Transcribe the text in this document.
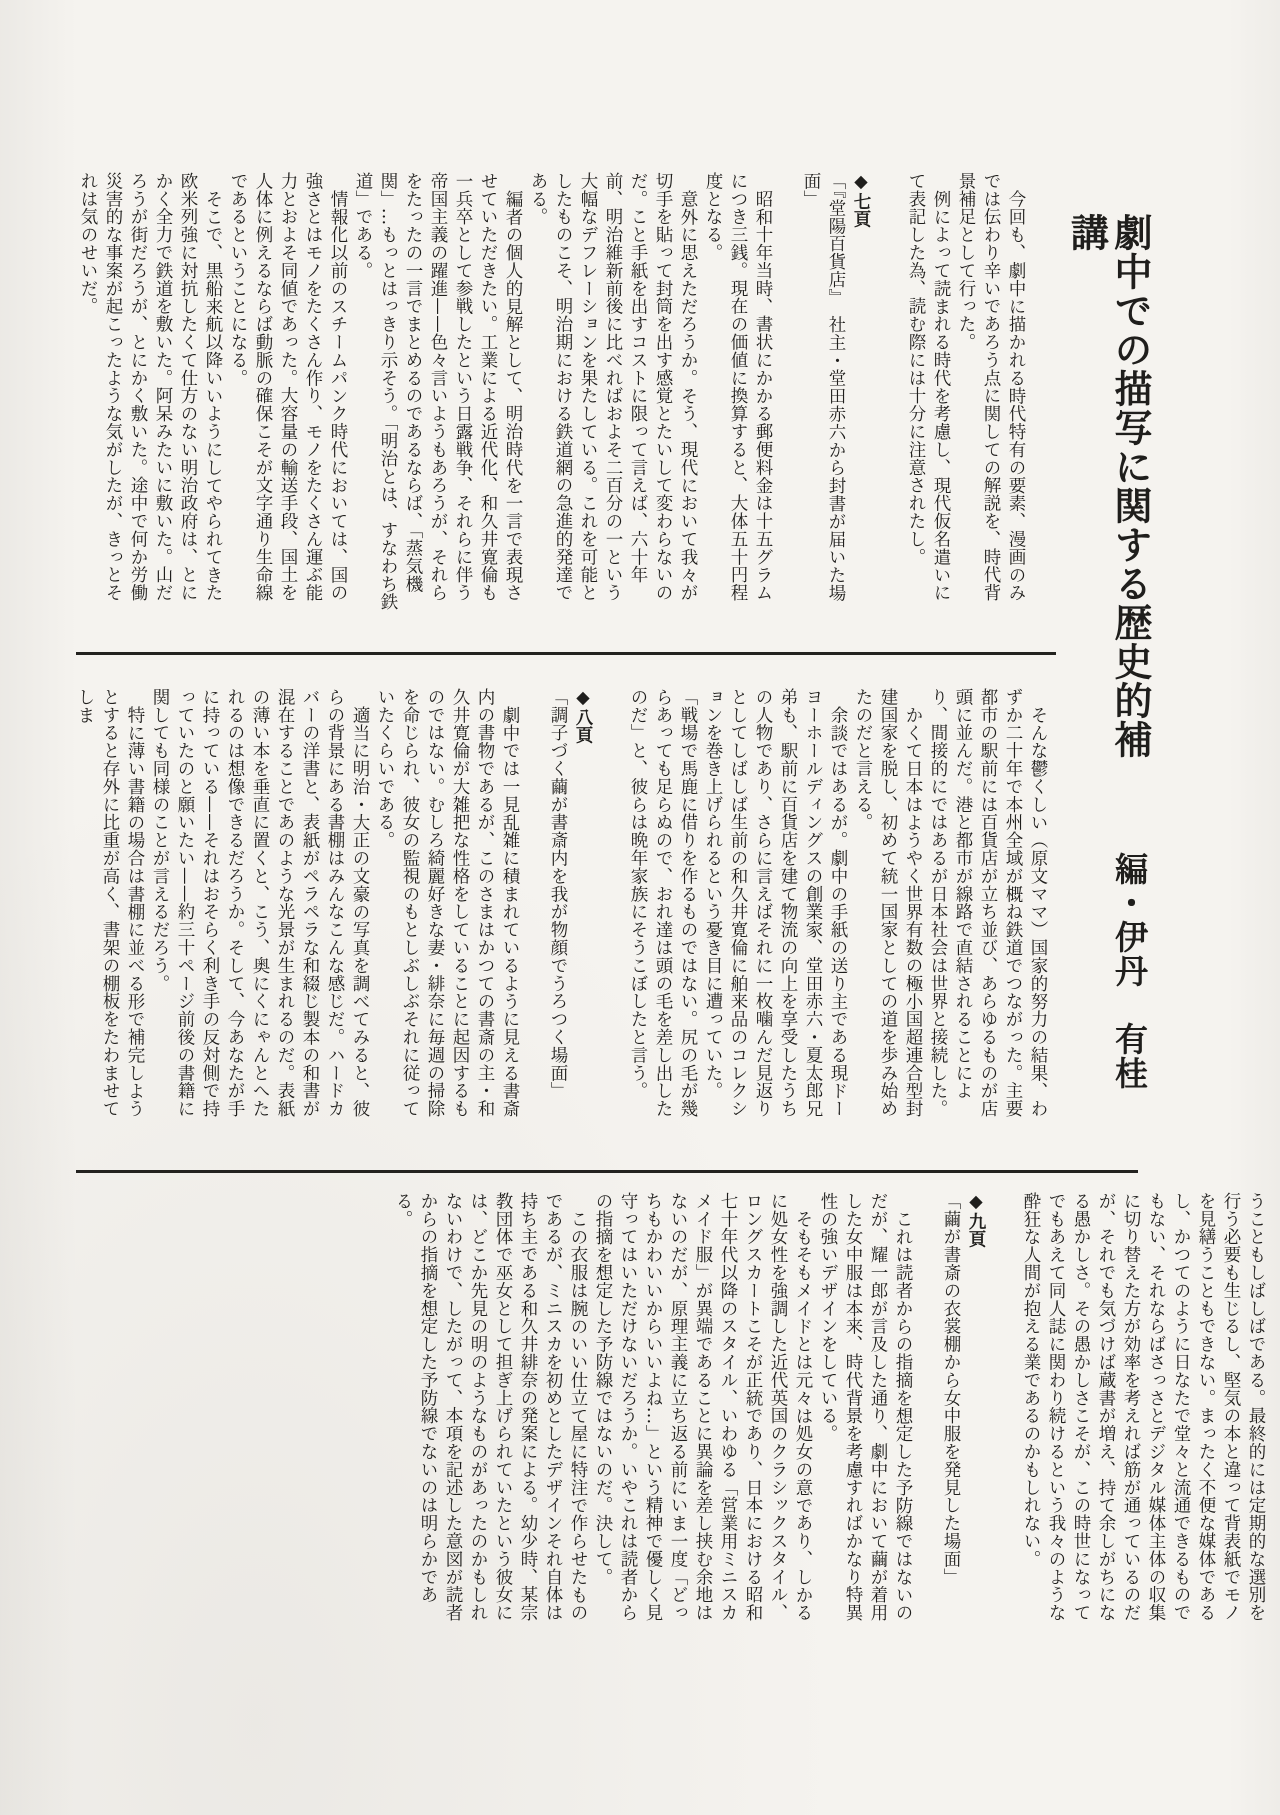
劇中での描写に関する歴史的補講
編・伊丹　有桂

今回も、劇中に描かれる時代特有の要素、漫画のみでは伝わり辛いであろう点に関しての解説を、時代背景補足として行った。

例によって読まれる時代を考慮し、現代仮名遣いにて表記した為、読む際には十分に注意されたし。

◆七頁

「『堂陽百貨店』　社主・堂田赤六から封書が届いた場面」

昭和十年当時、書状にかかる郵便料金は十五グラムにつき三銭。現在の価値に換算すると、大体五十円程度となる。

意外に思えただろうか。そう、現代において我々が切手を貼って封筒を出す感覚とたいして変わらないのだ。こと手紙を出すコストに限って言えば、六十年前、明治維新前後に比べればおよそ二百分の一という大幅なデフレーションを果たしている。これを可能としたものこそ、明治期における鉄道網の急進的発達である。

編者の個人的見解として、明治時代を一言で表現させていただきたい。工業による近代化、和久井寛倫も一兵卒として参戦したという日露戦争、それらに伴う帝国主義の躍進——色々言いようもあろうが、それらをたったの一言でまとめるのであるならば、「蒸気機関」…もっとはっきり示そう。「明治とは、すなわち鉄道」である。

情報化以前のスチームパンク時代においては、国の強さとはモノをたくさん作り、モノをたくさん運ぶ能力とおよそ同値であった。大容量の輸送手段、国土を人体に例えるならば動脈の確保こそが文字通り生命線であるということになる。

そこで、黒船来航以降いいようにしてやられてきた欧米列強に対抗したくて仕方のない明治政府は、とにかく全力で鉄道を敷いた。阿呆みたいに敷いた。山だろうが街だろうが、とにかく敷いた。途中で何か労働災害的な事案が起こったような気がしたが、きっとそれは気のせいだ。

そんな鬱くしい（原文ママ）国家的努力の結果、わずか二十年で本州全域が概ね鉄道でつながった。主要都市の駅前には百貨店が立ち並び、あらゆるものが店頭に並んだ。港と都市が線路で直結されることにより、間接的にではあるが日本社会は世界と接続した。

かくて日本はようやく世界有数の極小国超連合型封建国家を脱し、初めて統一国家としての道を歩み始めたのだと言える。

余談ではあるが。劇中の手紙の送り主である現ドーヨーホールディングスの創業家、堂田赤六・夏太郎兄弟も、駅前に百貨店を建て物流の向上を享受したうちの人物であり、さらに言えばそれに一枚噛んだ見返りとしてしばしば生前の和久井寛倫に舶来品のコレクションを巻き上げられるという憂き目に遭っていた。

「戦場で馬鹿に借りを作るものではない。尻の毛が幾らあっても足らぬので、おれ達は頭の毛を差し出したのだ」と、彼らは晩年家族にそうこぼしたと言う。

◆八頁

「調子づく繭が書斎内を我が物顔でうろつく場面」

劇中では一見乱雑に積まれているように見える書斎内の書物であるが、このさまはかつての書斎の主・和久井寛倫が大雑把な性格をしていることに起因するものではない。むしろ綺麗好きな妻・緋奈に毎週の掃除を命じられ、彼女の監視のもとしぶしぶそれに従っていたくらいである。

適当に明治・大正の文豪の写真を調べてみると、彼らの背景にある書棚はみんなこんな感じだ。ハードカバーの洋書と、表紙がペラペラな和綴じ製本の和書が混在することであのような光景が生まれるのだ。表紙の薄い本を垂直に置くと、こう、奥にくにゃんとへたれるのは想像できるだろうか。そして、今あなたが手に持っている——それはおそらく利き手の反対側で持っていたのと願いたい——約三十ページ前後の書籍に関しても同様のことが言えるだろう。

特に薄い書籍の場合は書棚に並べる形で補完しようとすると存外に比重が高く、書架の棚板をたわませてしま

うこともしばしばである。最終的には定期的な選別を行う必要も生じるし、堅気の本と違って背表紙でモノを見繕うこともできない。まったく不便な媒体であるし、かつてのように日なたで堂々と流通できるものでもない、それならばさっさとデジタル媒体主体の収集に切り替えた方が効率を考えれば筋が通っているのだが、それでも気づけば蔵書が増え、持て余しがちになる愚かしさ。その愚かしさこそが、この時世になってでもあえて同人誌に関わり続けるという我々のような酔狂な人間が抱える業であるのかもしれない。

◆九頁

「繭が書斎の衣裳棚から女中服を発見した場面」

これは読者からの指摘を想定した予防線ではないのだが、耀一郎が言及した通り、劇中において繭が着用した女中服は本来、時代背景を考慮すればかなり特異性の強いデザインをしている。

そもそもメイドとは元々は処女の意であり、しかるに処女性を強調した近代英国のクラシックスタイル、ロングスカートこそが正統であり、日本における昭和七十年代以降のスタイル、いわゆる「営業用ミニスカメイド服」が異端であることに異論を差し挟む余地はないのだが、原理主義に立ち返る前にいま一度「どっちもかわいいからいいよね…」という精神で優しく見守ってはいただけないだろうか。いやこれは読者からの指摘を想定した予防線ではないのだ。決して。

この衣服は腕のいい仕立て屋に特注で作らせたものであるが、ミニスカを初めとしたデザインそれ自体は持ち主である和久井緋奈の発案による。幼少時、某宗教団体で巫女として担ぎ上げられていたという彼女には、どこか先見の明のようなものがあったのかもしれないわけで、したがって、本項を記述した意図が読者からの指摘を想定した予防線でないのは明らかである。
